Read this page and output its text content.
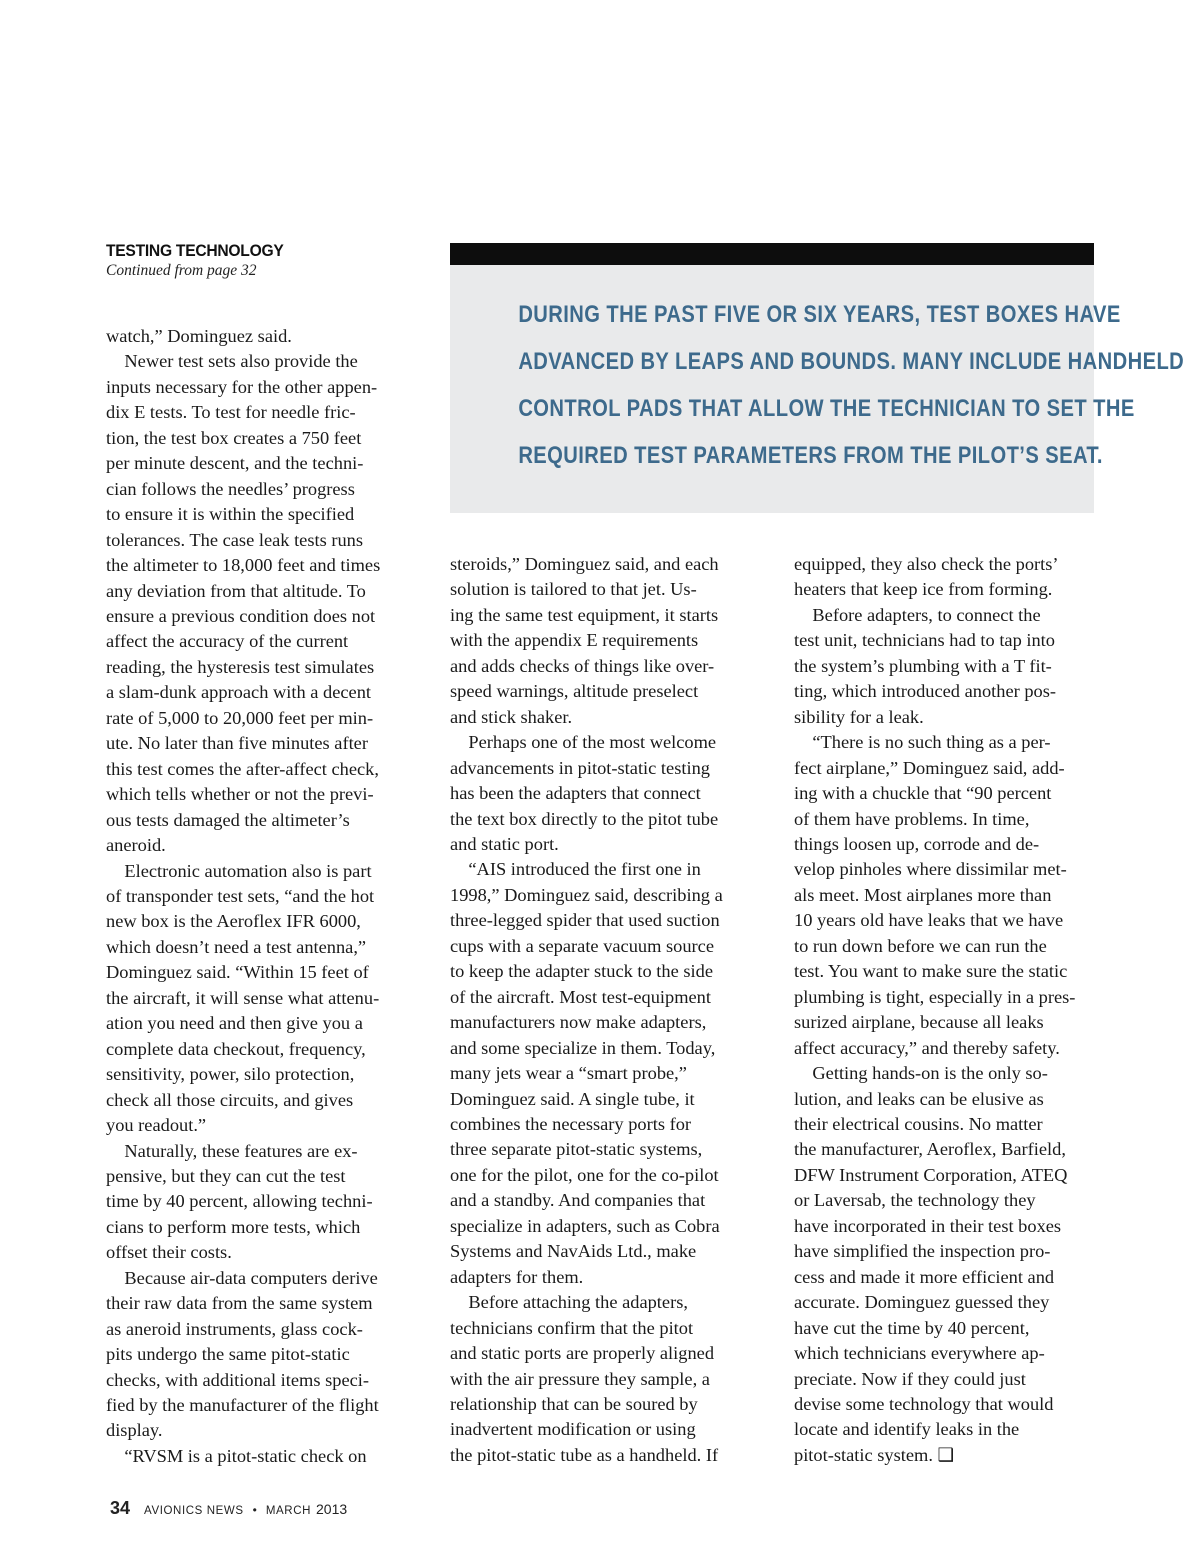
TESTING TECHNOLOGY
Continued from page 32
DURING THE PAST FIVE OR SIX YEARS, TEST BOXES HAVE
ADVANCED BY LEAPS AND BOUNDS. MANY INCLUDE HANDHELD
CONTROL PADS THAT ALLOW THE TECHNICIAN TO SET THE
REQUIRED TEST PARAMETERS FROM THE PILOT’S SEAT.

watch,” Dominguez said.

Newer test sets also provide the

inputs necessary for the other appen-

dix E tests. To test for needle fric-

tion, the test box creates a 750 feet

per minute descent, and the techni-

cian follows the needles’ progress

to ensure it is within the specified

tolerances. The case leak tests runs

the altimeter to 18,000 feet and times

any deviation from that altitude. To

ensure a previous condition does not

affect the accuracy of the current

reading, the hysteresis test simulates

a slam-dunk approach with a decent

rate of 5,000 to 20,000 feet per min-

ute. No later than five minutes after

this test comes the after-affect check,

which tells whether or not the previ-

ous tests damaged the altimeter’s

aneroid.

Electronic automation also is part

of transponder test sets, “and the hot

new box is the Aeroflex IFR 6000,

which doesn’t need a test antenna,”

Dominguez said. “Within 15 feet of

the aircraft, it will sense what attenu-

ation you need and then give you a

complete data checkout, frequency,

sensitivity, power, silo protection,

check all those circuits, and gives

you readout.”

Naturally, these features are ex-

pensive, but they can cut the test

time by 40 percent, allowing techni-

cians to perform more tests, which

offset their costs.

Because air-data computers derive

their raw data from the same system

as aneroid instruments, glass cock-

pits undergo the same pitot-static

checks, with additional items speci-

fied by the manufacturer of the flight

display.

“RVSM is a pitot-static check on

steroids,” Dominguez said, and each

solution is tailored to that jet. Us-

ing the same test equipment, it starts

with the appendix E requirements

and adds checks of things like over-

speed warnings, altitude preselect

and stick shaker.

Perhaps one of the most welcome

advancements in pitot-static testing

has been the adapters that connect

the text box directly to the pitot tube

and static port.

“AIS introduced the first one in

1998,” Dominguez said, describing a

three-legged spider that used suction

cups with a separate vacuum source

to keep the adapter stuck to the side

of the aircraft. Most test-equipment

manufacturers now make adapters,

and some specialize in them. Today,

many jets wear a “smart probe,”

Dominguez said. A single tube, it

combines the necessary ports for

three separate pitot-static systems,

one for the pilot, one for the co-pilot

and a standby. And companies that

specialize in adapters, such as Cobra

Systems and NavAids Ltd., make

adapters for them.

Before attaching the adapters,

technicians confirm that the pitot

and static ports are properly aligned

with the air pressure they sample, a

relationship that can be soured by

inadvertent modification or using

the pitot-static tube as a handheld. If

equipped, they also check the ports’

heaters that keep ice from forming.

Before adapters, to connect the

test unit, technicians had to tap into

the system’s plumbing with a T fit-

ting, which introduced another pos-

sibility for a leak.

“There is no such thing as a per-

fect airplane,” Dominguez said, add-

ing with a chuckle that “90 percent

of them have problems. In time,

things loosen up, corrode and de-

velop pinholes where dissimilar met-

als meet. Most airplanes more than

10 years old have leaks that we have

to run down before we can run the

test. You want to make sure the static

plumbing is tight, especially in a pres-

surized airplane, because all leaks

affect accuracy,” and thereby safety.

Getting hands-on is the only so-

lution, and leaks can be elusive as

their electrical cousins. No matter

the manufacturer, Aeroflex, Barfield,

DFW Instrument Corporation, ATEQ

or Laversab, the technology they

have incorporated in their test boxes

have simplified the inspection pro-

cess and made it more efficient and

accurate. Dominguez guessed they

have cut the time by 40 percent,

which technicians everywhere ap-

preciate. Now if they could just

devise some technology that would

locate and identify leaks in the

pitot-static system. ❑

34 AVIONICS NEWS • MARCH 2013
